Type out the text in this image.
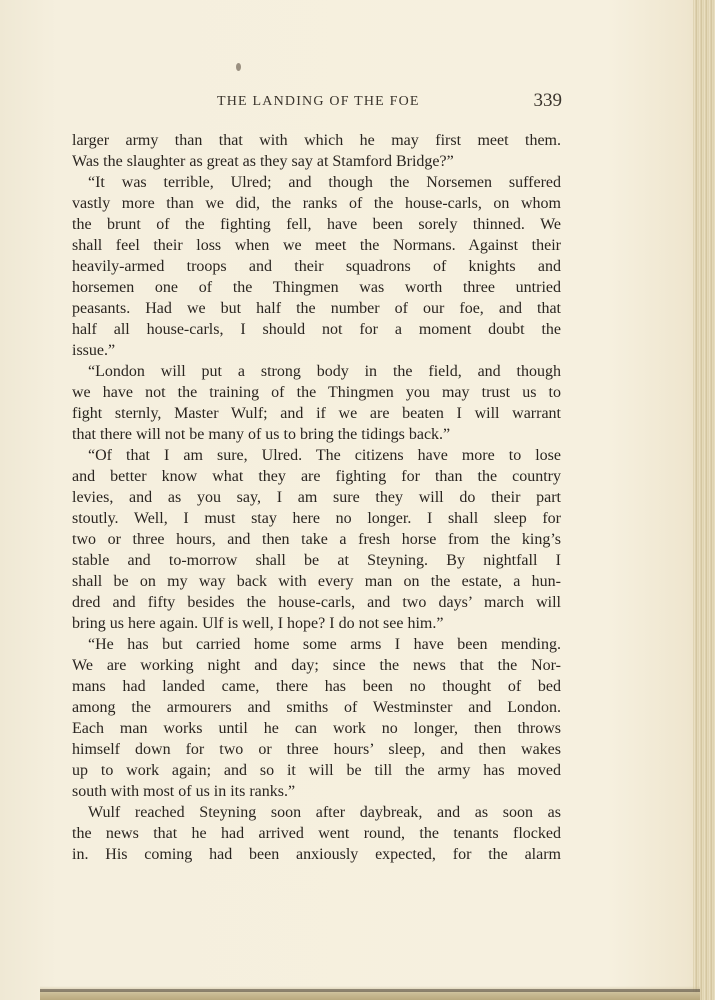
THE LANDING OF THE FOE	339
larger army than that with which he may first meet them.
Was the slaughter as great as they say at Stamford Bridge?”
“It was terrible, Ulred; and though the Norsemen suffered
vastly more than we did, the ranks of the house-carls, on whom
the brunt of the fighting fell, have been sorely thinned. We
shall feel their loss when we meet the Normans. Against their
heavily-armed troops and their squadrons of knights and
horsemen one of the Thingmen was worth three untried
peasants. Had we but half the number of our foe, and that
half all house-carls, I should not for a moment doubt the
issue.”
“London will put a strong body in the field, and though
we have not the training of the Thingmen you may trust us to
fight sternly, Master Wulf; and if we are beaten I will warrant
that there will not be many of us to bring the tidings back.”
“Of that I am sure, Ulred. The citizens have more to lose
and better know what they are fighting for than the country
levies, and as you say, I am sure they will do their part
stoutly. Well, I must stay here no longer. I shall sleep for
two or three hours, and then take a fresh horse from the king’s
stable and to-morrow shall be at Steyning. By nightfall I
shall be on my way back with every man on the estate, a hun-
dred and fifty besides the house-carls, and two days’ march will
bring us here again. Ulf is well, I hope? I do not see him.”
“He has but carried home some arms I have been mending.
We are working night and day; since the news that the Nor-
mans had landed came, there has been no thought of bed
among the armourers and smiths of Westminster and London.
Each man works until he can work no longer, then throws
himself down for two or three hours’ sleep, and then wakes
up to work again; and so it will be till the army has moved
south with most of us in its ranks.”
Wulf reached Steyning soon after daybreak, and as soon as
the news that he had arrived went round, the tenants flocked
in. His coming had been anxiously expected, for the alarm
